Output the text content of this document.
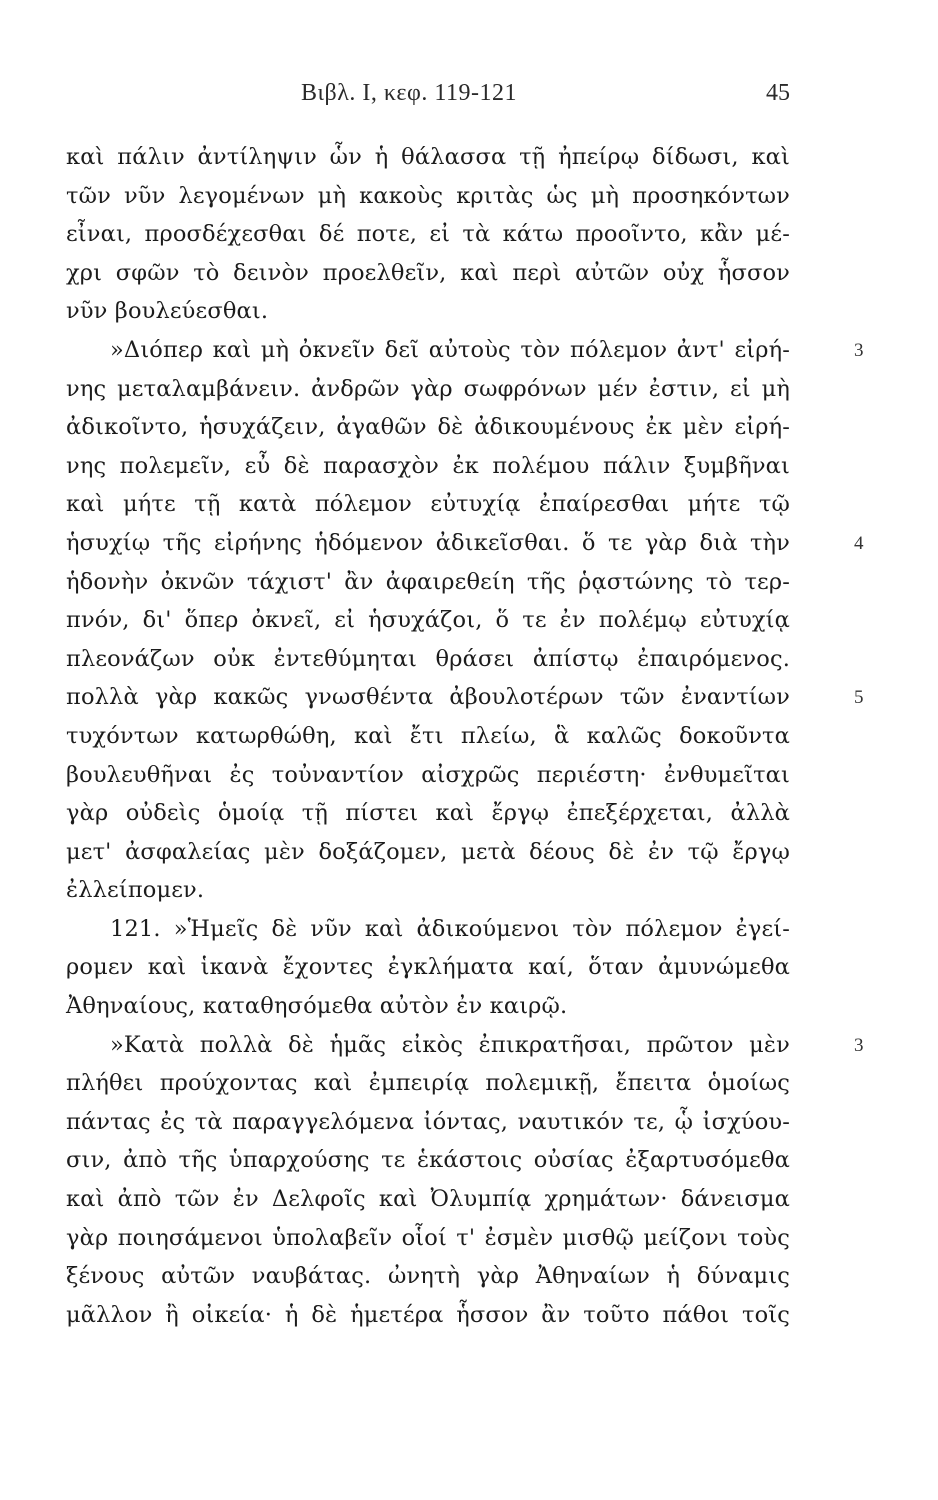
Βιβλ. Ι, κεφ. 119-121	45
καὶ πάλιν ἀντίληψιν ὧν ἡ θάλασσα τῇ ἠπείρῳ δίδωσι, καὶ
τῶν νῦν λεγομένων μὴ κακοὺς κριτὰς ὡς μὴ προσηκόντων
εἶναι, προσδέχεσθαι δέ ποτε, εἰ τὰ κάτω προοῖντο, κἂν μέ-
χρι σφῶν τὸ δεινὸν προελθεῖν, καὶ περὶ αὐτῶν οὐχ ἧσσον
νῦν βουλεύεσθαι.
»Διόπερ καὶ μὴ ὀκνεῖν δεῖ αὐτοὺς τὸν πόλεμον ἀντ' εἰρή-
νης μεταλαμβάνειν. ἀνδρῶν γὰρ σωφρόνων μέν ἐστιν, εἰ μὴ
ἀδικοῖντο, ἡσυχάζειν, ἀγαθῶν δὲ ἀδικουμένους ἐκ μὲν εἰρή-
νης πολεμεῖν, εὖ δὲ παρασχὸν ἐκ πολέμου πάλιν ξυμβῆναι
καὶ μήτε τῇ κατὰ πόλεμον εὐτυχίᾳ ἐπαίρεσθαι μήτε τῷ
ἡσυχίῳ τῆς εἰρήνης ἡδόμενον ἀδικεῖσθαι. ὅ τε γὰρ διὰ τὴν
ἡδονὴν ὀκνῶν τάχιστ' ἂν ἀφαιρεθείη τῆς ῥᾳστώνης τὸ τερ-
πνόν, δι' ὅπερ ὀκνεῖ, εἰ ἡσυχάζοι, ὅ τε ἐν πολέμῳ εὐτυχίᾳ
πλεονάζων οὐκ ἐντεθύμηται θράσει ἀπίστῳ ἐπαιρόμενος.
πολλὰ γὰρ κακῶς γνωσθέντα ἀβουλοτέρων τῶν ἐναντίων
τυχόντων κατωρθώθη, καὶ ἔτι πλείω, ἃ καλῶς δοκοῦντα
βουλευθῆναι ἐς τοὐναντίον αἰσχρῶς περιέστη· ἐνθυμεῖται
γὰρ οὐδεὶς ὁμοίᾳ τῇ πίστει καὶ ἔργῳ ἐπεξέρχεται, ἀλλὰ
μετ' ἀσφαλείας μὲν δοξάζομεν, μετὰ δέους δὲ ἐν τῷ ἔργῳ
ἐλλείπομεν.
121. »Ἡμεῖς δὲ νῦν καὶ ἀδικούμενοι τὸν πόλεμον ἐγεί-
ρομεν καὶ ἱκανὰ ἔχοντες ἐγκλήματα καί, ὅταν ἀμυνώμεθα
Ἀθηναίους, καταθησόμεθα αὐτὸν ἐν καιρῷ.
»Κατὰ πολλὰ δὲ ἡμᾶς εἰκὸς ἐπικρατῆσαι, πρῶτον μὲν
πλήθει προύχοντας καὶ ἐμπειρίᾳ πολεμικῇ, ἔπειτα ὁμοίως
πάντας ἐς τὰ παραγγελόμενα ἰόντας, ναυτικόν τε, ᾧ ἰσχύου-
σιν, ἀπὸ τῆς ὑπαρχούσης τε ἑκάστοις οὐσίας ἐξαρτυσόμεθα
καὶ ἀπὸ τῶν ἐν Δελφοῖς καὶ Ὀλυμπίᾳ χρημάτων· δάνεισμα
γὰρ ποιησάμενοι ὑπολαβεῖν οἷοί τ' ἐσμὲν μισθῷ μείζονι τοὺς
ξένους αὐτῶν ναυβάτας. ὠνητὴ γὰρ Ἀθηναίων ἡ δύναμις
μᾶλλον ἢ οἰκεία· ἡ δὲ ἡμετέρα ἧσσον ἂν τοῦτο πάθοι τοῖς
3
4
5
3
